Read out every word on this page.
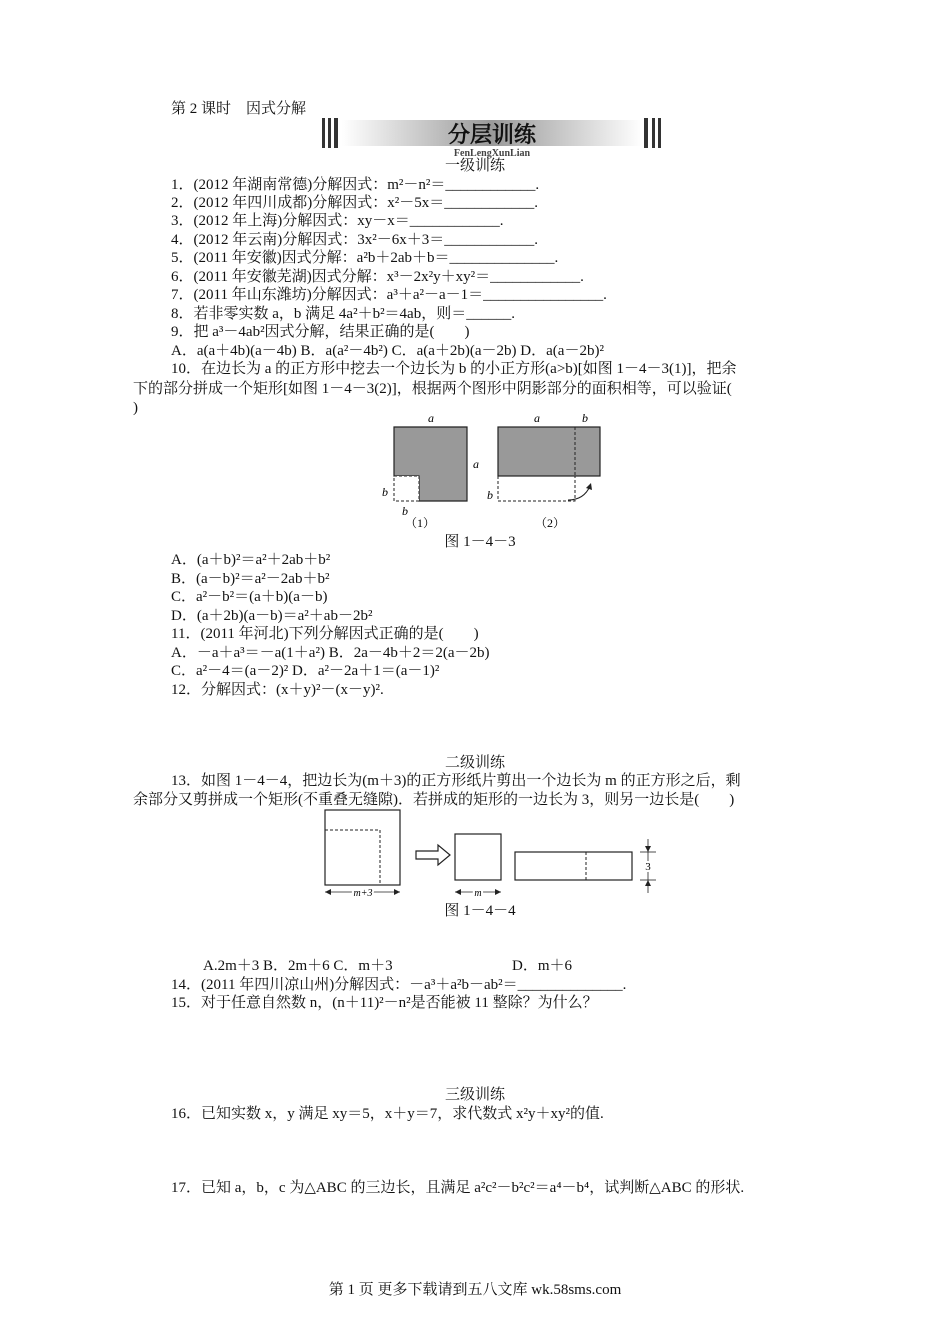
第 2 课时　因式分解
分层训练
FenLengXunLian
一级训练
1．(2012 年湖南常德)分解因式：m²－n²＝____________.
2．(2012 年四川成都)分解因式：x²－5x＝____________.
3．(2012 年上海)分解因式：xy－x＝____________.
4．(2012 年云南)分解因式：3x²－6x＋3＝____________.
5．(2011 年安徽)因式分解：a²b＋2ab＋b＝______________.
6．(2011 年安徽芜湖)因式分解：x³－2x²y＋xy²＝____________.
7．(2011 年山东潍坊)分解因式：a³＋a²－a－1＝________________.
8．若非零实数 a，b 满足 4a²＋b²＝4ab，则＝______.
9．把 a³－4ab²因式分解，结果正确的是(　　)
A．a(a＋4b)(a－4b) B．a(a²－4b²) C．a(a＋2b)(a－2b) D．a(a－2b)²
10．在边长为 a 的正方形中挖去一个边长为 b 的小正方形(a>b)[如图 1－4－3(1)]，把余
下的部分拼成一个矩形[如图 1－4－3(2)]，根据两个图形中阴影部分的面积相等，可以验证(
)
a
a
b
b
（1）
a	b
b
（2）
图 1－4－3
A．(a＋b)²＝a²＋2ab＋b²
B．(a－b)²＝a²－2ab＋b²
C．a²－b²＝(a＋b)(a－b)
D．(a＋2b)(a－b)＝a²＋ab－2b²
11．(2011 年河北)下列分解因式正确的是(　　)
A．－a＋a³＝－a(1＋a²) B．2a－4b＋2＝2(a－2b)
C．a²－4＝(a－2)² D．a²－2a＋1＝(a－1)²
12．分解因式：(x＋y)²－(x－y)².
二级训练
13．如图 1－4－4，把边长为(m＋3)的正方形纸片剪出一个边长为 m 的正方形之后，剩
余部分又剪拼成一个矩形(不重叠无缝隙)．若拼成的矩形的一边长为 3，则另一边长是(　　)
m+3	m
3
图 1－4－4
A.2m＋3 B．2m＋6 C．m＋3	D．m＋6
14．(2011 年四川凉山州)分解因式：－a³＋a²b－ab²＝______________.
15．对于任意自然数 n，(n＋11)²－n²是否能被 11 整除？为什么？
三级训练
16．已知实数 x，y 满足 xy＝5，x＋y＝7，求代数式 x²y＋xy²的值.
17．已知 a，b，c 为△ABC 的三边长，且满足 a²c²－b²c²＝a⁴－b⁴，试判断△ABC 的形状.
第 1 页 更多下载请到五八文库 wk.58sms.com
